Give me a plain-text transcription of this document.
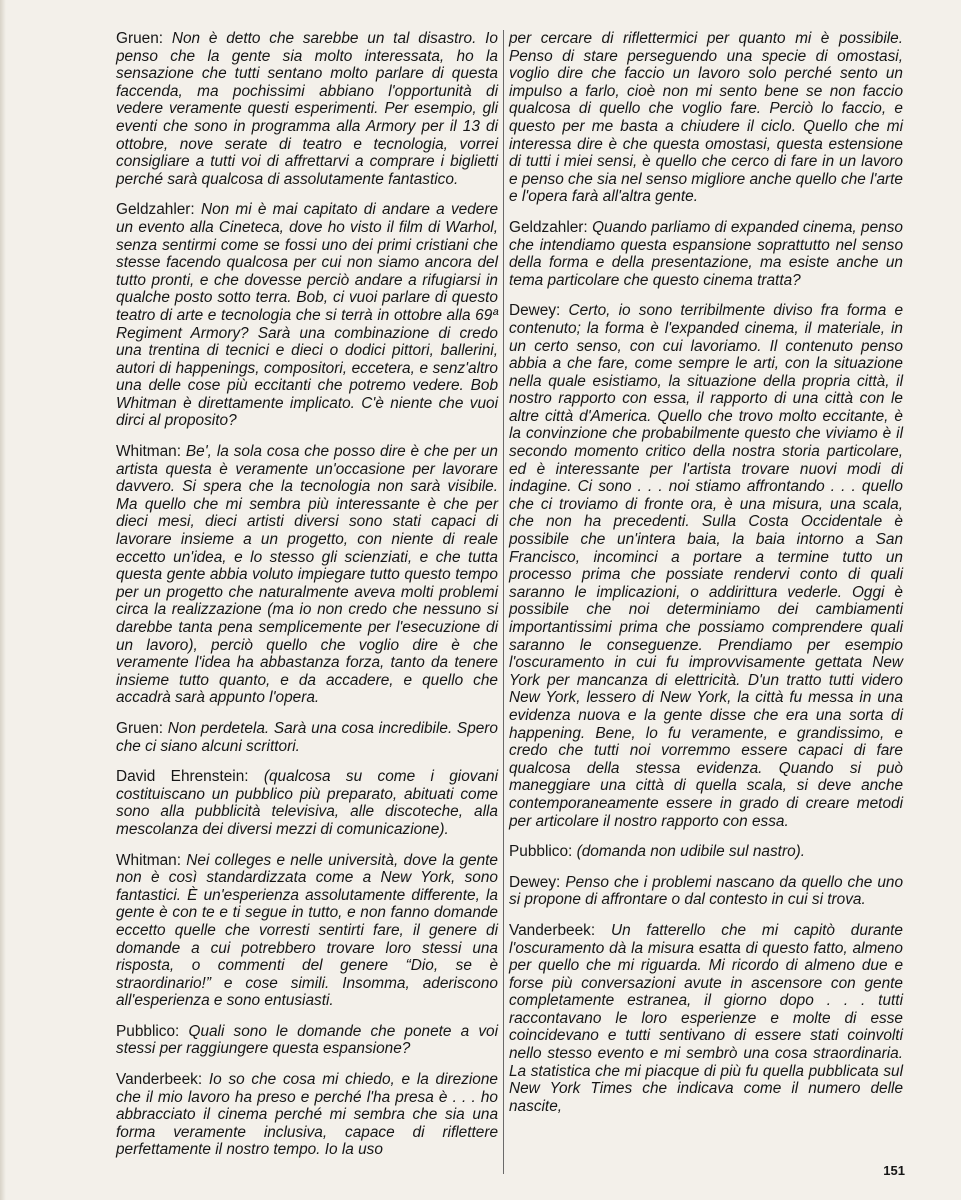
Gruen: Non è detto che sarebbe un tal disastro. Io penso che la gente sia molto interessata, ho la sensazione che tutti sentano molto parlare di questa faccenda, ma pochissimi abbiano l'opportunità di vedere veramente questi esperimenti. Per esempio, gli eventi che sono in programma alla Armory per il 13 di ottobre, nove serate di teatro e tecnologia, vorrei consigliare a tutti voi di affrettarvi a comprare i biglietti perché sarà qualcosa di assolutamente fantastico.

Geldzahler: Non mi è mai capitato di andare a vedere un evento alla Cineteca, dove ho visto il film di Warhol, senza sentirmi come se fossi uno dei primi cristiani che stesse facendo qualcosa per cui non siamo ancora del tutto pronti, e che dovesse perciò andare a rifugiarsi in qualche posto sotto terra. Bob, ci vuoi parlare di questo teatro di arte e tecnologia che si terrà in ottobre alla 69ª Regiment Armory? Sarà una combinazione di credo una trentina di tecnici e dieci o dodici pittori, ballerini, autori di happenings, compositori, eccetera, e senz'altro una delle cose più eccitanti che potremo vedere. Bob Whitman è direttamente implicato. C'è niente che vuoi dirci al proposito?

Whitman: Be', la sola cosa che posso dire è che per un artista questa è veramente un'occasione per lavorare davvero. Si spera che la tecnologia non sarà visibile. Ma quello che mi sembra più interessante è che per dieci mesi, dieci artisti diversi sono stati capaci di lavorare insieme a un progetto, con niente di reale eccetto un'idea, e lo stesso gli scienziati, e che tutta questa gente abbia voluto impiegare tutto questo tempo per un progetto che naturalmente aveva molti problemi circa la realizzazione (ma io non credo che nessuno si darebbe tanta pena semplicemente per l'esecuzione di un lavoro), perciò quello che voglio dire è che veramente l'idea ha abbastanza forza, tanto da tenere insieme tutto quanto, e da accadere, e quello che accadrà sarà appunto l'opera.

Gruen: Non perdetela. Sarà una cosa incredibile. Spero che ci siano alcuni scrittori.

David Ehrenstein: (qualcosa su come i giovani costituiscano un pubblico più preparato, abituati come sono alla pubblicità televisiva, alle discoteche, alla mescolanza dei diversi mezzi di comunicazione).

Whitman: Nei colleges e nelle università, dove la gente non è così standardizzata come a New York, sono fantastici. È un'esperienza assolutamente differente, la gente è con te e ti segue in tutto, e non fanno domande eccetto quelle che vorresti sentirti fare, il genere di domande a cui potrebbero trovare loro stessi una risposta, o commenti del genere “Dio, se è straordinario!” e cose simili. Insomma, aderiscono all'esperienza e sono entusiasti.

Pubblico: Quali sono le domande che ponete a voi stessi per raggiungere questa espansione?

Vanderbeek: Io so che cosa mi chiedo, e la direzione che il mio lavoro ha preso e perché l'ha presa è . . . ho abbracciato il cinema perché mi sembra che sia una forma veramente inclusiva, capace di riflettere perfettamente il nostro tempo. Io la uso

per cercare di riflettermici per quanto mi è possibile. Penso di stare perseguendo una specie di omostasi, voglio dire che faccio un lavoro solo perché sento un impulso a farlo, cioè non mi sento bene se non faccio qualcosa di quello che voglio fare. Perciò lo faccio, e questo per me basta a chiudere il ciclo. Quello che mi interessa dire è che questa omostasi, questa estensione di tutti i miei sensi, è quello che cerco di fare in un lavoro e penso che sia nel senso migliore anche quello che l'arte e l'opera farà all'altra gente.

Geldzahler: Quando parliamo di expanded cinema, penso che intendiamo questa espansione soprattutto nel senso della forma e della presentazione, ma esiste anche un tema particolare che questo cinema tratta?

Dewey: Certo, io sono terribilmente diviso fra forma e contenuto; la forma è l'expanded cinema, il materiale, in un certo senso, con cui lavoriamo. Il contenuto penso abbia a che fare, come sempre le arti, con la situazione nella quale esistiamo, la situazione della propria città, il nostro rapporto con essa, il rapporto di una città con le altre città d'America. Quello che trovo molto eccitante, è la convinzione che probabilmente questo che viviamo è il secondo momento critico della nostra storia particolare, ed è interessante per l'artista trovare nuovi modi di indagine. Ci sono . . . noi stiamo affrontando . . . quello che ci troviamo di fronte ora, è una misura, una scala, che non ha precedenti. Sulla Costa Occidentale è possibile che un'intera baia, la baia intorno a San Francisco, incominci a portare a termine tutto un processo prima che possiate rendervi conto di quali saranno le implicazioni, o addirittura vederle. Oggi è possibile che noi determiniamo dei cambiamenti importantissimi prima che possiamo comprendere quali saranno le conseguenze. Prendiamo per esempio l'oscuramento in cui fu improvvisamente gettata New York per mancanza di elettricità. D'un tratto tutti videro New York, lessero di New York, la città fu messa in una evidenza nuova e la gente disse che era una sorta di happening. Bene, lo fu veramente, e grandissimo, e credo che tutti noi vorremmo essere capaci di fare qualcosa della stessa evidenza. Quando si può maneggiare una città di quella scala, si deve anche contemporaneamente essere in grado di creare metodi per articolare il nostro rapporto con essa.

Pubblico: (domanda non udibile sul nastro).

Dewey: Penso che i problemi nascano da quello che uno si propone di affrontare o dal contesto in cui si trova.

Vanderbeek: Un fatterello che mi capitò durante l'oscuramento dà la misura esatta di questo fatto, almeno per quello che mi riguarda. Mi ricordo di almeno due e forse più conversazioni avute in ascensore con gente completamente estranea, il giorno dopo . . . tutti raccontavano le loro esperienze e molte di esse coincidevano e tutti sentivano di essere stati coinvolti nello stesso evento e mi sembrò una cosa straordinaria. La statistica che mi piacque di più fu quella pubblicata sul New York Times che indicava come il numero delle nascite,

151
